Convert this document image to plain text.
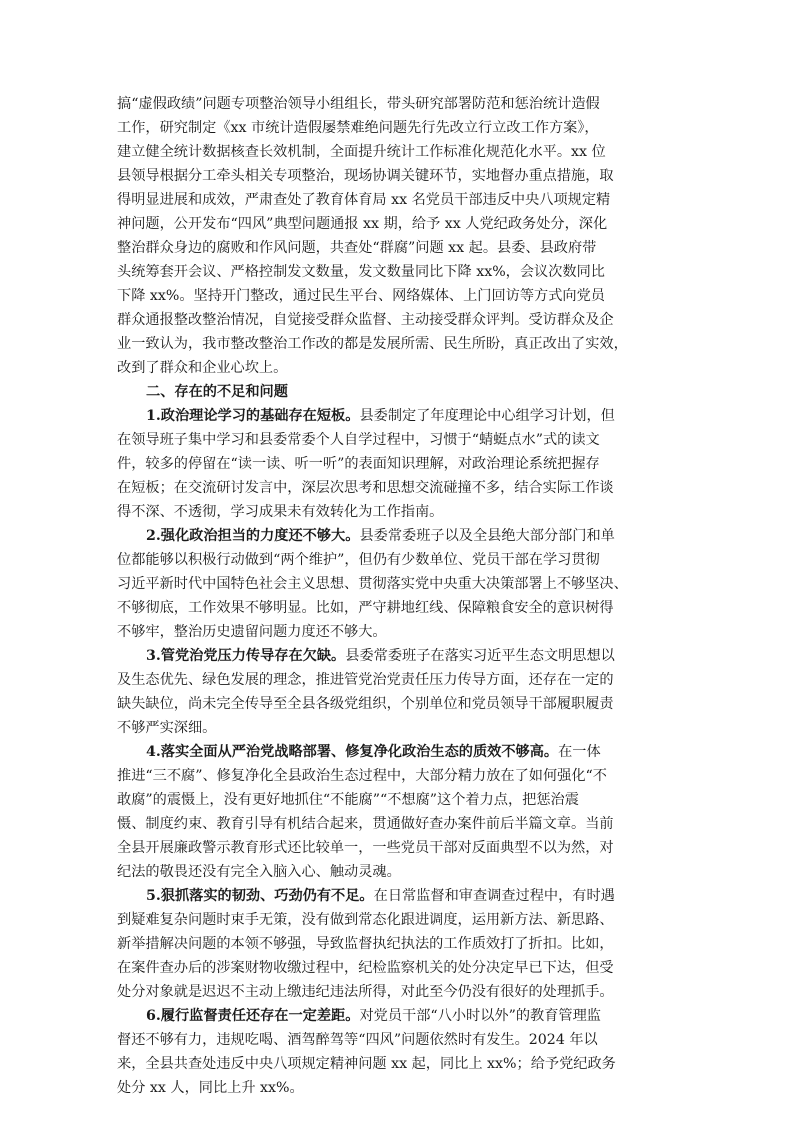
搞“虚假政绩”问题专项整治领导小组组长，带头研究部署防范和惩治统计造假
工作，研究制定《xx 市统计造假屡禁难绝问题先行先改立行立改工作方案》，
建立健全统计数据核查长效机制，全面提升统计工作标准化规范化水平。xx 位
县领导根据分工牵头相关专项整治，现场协调关键环节，实地督办重点措施，取
得明显进展和成效，严肃查处了教育体育局 xx 名党员干部违反中央八项规定精
神问题，公开发布“四风”典型问题通报 xx 期，给予 xx 人党纪政务处分，深化
整治群众身边的腐败和作风问题，共查处“群腐”问题 xx 起。县委、县政府带
头统筹套开会议、严格控制发文数量，发文数量同比下降 xx%，会议次数同比
下降 xx%。坚持开门整改，通过民生平台、网络媒体、上门回访等方式向党员
群众通报整改整治情况，自觉接受群众监督、主动接受群众评判。受访群众及企
业一致认为，我市整改整治工作改的都是发展所需、民生所盼，真正改出了实效，
改到了群众和企业心坎上。
二、存在的不足和问题
1.政治理论学习的基础存在短板。县委制定了年度理论中心组学习计划，但
在领导班子集中学习和县委常委个人自学过程中，习惯于“蜻蜓点水”式的读文
件，较多的停留在“读一读、听一听”的表面知识理解，对政治理论系统把握存
在短板；在交流研讨发言中，深层次思考和思想交流碰撞不多，结合实际工作谈
得不深、不透彻，学习成果未有效转化为工作指南。
2.强化政治担当的力度还不够大。县委常委班子以及全县绝大部分部门和单
位都能够以积极行动做到“两个维护”，但仍有少数单位、党员干部在学习贯彻
习近平新时代中国特色社会主义思想、贯彻落实党中央重大决策部署上不够坚决、
不够彻底，工作效果不够明显。比如，严守耕地红线、保障粮食安全的意识树得
不够牢，整治历史遗留问题力度还不够大。
3.管党治党压力传导存在欠缺。县委常委班子在落实习近平生态文明思想以
及生态优先、绿色发展的理念，推进管党治党责任压力传导方面，还存在一定的
缺失缺位，尚未完全传导至全县各级党组织，个别单位和党员领导干部履职履责
不够严实深细。
4.落实全面从严治党战略部署、修复净化政治生态的质效不够高。在一体
推进“三不腐”、修复净化全县政治生态过程中，大部分精力放在了如何强化“不
敢腐”的震慑上，没有更好地抓住“不能腐”“不想腐”这个着力点，把惩治震
慑、制度约束、教育引导有机结合起来，贯通做好查办案件前后半篇文章。当前
全县开展廉政警示教育形式还比较单一，一些党员干部对反面典型不以为然，对
纪法的敬畏还没有完全入脑入心、触动灵魂。
5.狠抓落实的韧劲、巧劲仍有不足。在日常监督和审查调查过程中，有时遇
到疑难复杂问题时束手无策，没有做到常态化跟进调度，运用新方法、新思路、
新举措解决问题的本领不够强，导致监督执纪执法的工作质效打了折扣。比如，
在案件查办后的涉案财物收缴过程中，纪检监察机关的处分决定早已下达，但受
处分对象就是迟迟不主动上缴违纪违法所得，对此至今仍没有很好的处理抓手。
6.履行监督责任还存在一定差距。对党员干部“八小时以外”的教育管理监
督还不够有力，违规吃喝、酒驾醉驾等“四风”问题依然时有发生。2024 年以
来，全县共查处违反中央八项规定精神问题 xx 起，同比上 xx%；给予党纪政务
处分 xx 人，同比上升 xx%。
